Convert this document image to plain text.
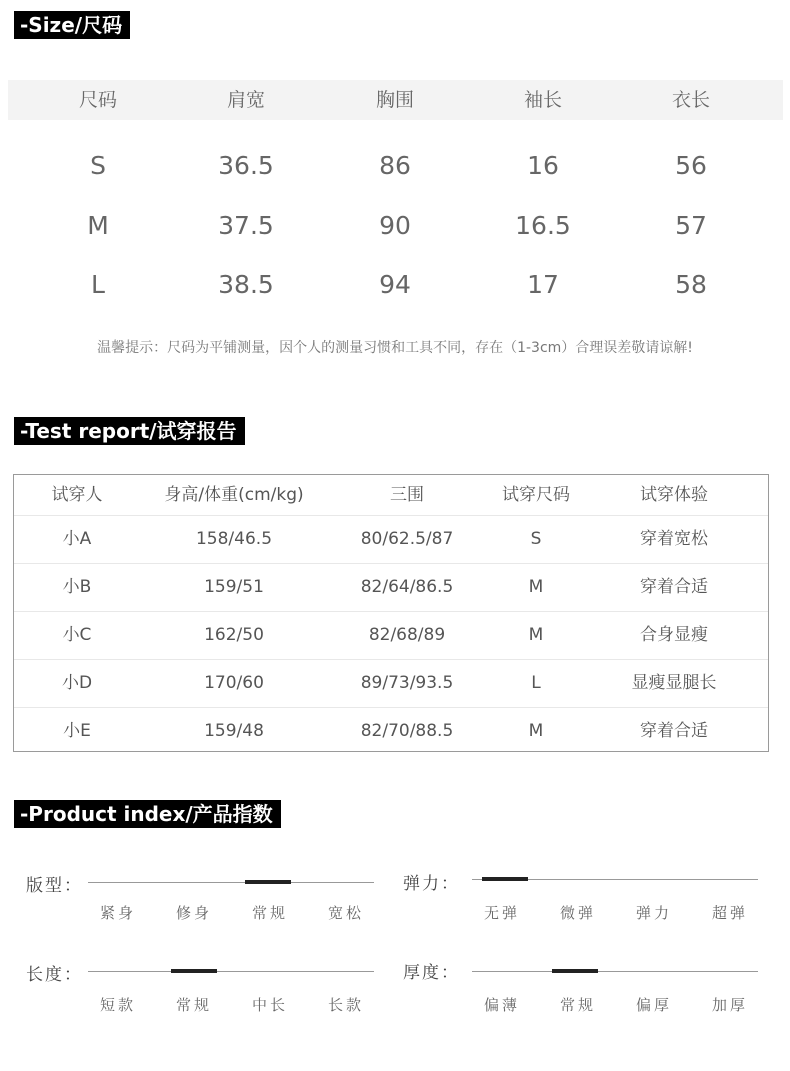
-Size/尺码
尺码	肩宽	胸围	袖长	衣长
S	36.5	86	16	56
M	37.5	90	16.5	57
L	38.5	94	17	58
温馨提示：尺码为平铺测量，因个人的测量习惯和工具不同，存在（1-3cm）合理误差敬请谅解!
-Test report/试穿报告
试穿人	身高/体重(cm/kg)	三围	试穿尺码	试穿体验
小A	158/46.5	80/62.5/87	S	穿着宽松
小B	159/51	82/64/86.5	M	穿着合适
小C	162/50	82/68/89	M	合身显瘦
小D	170/60	89/73/93.5	L	显瘦显腿长
小E	159/48	82/70/88.5	M	穿着合适
-Product index/产品指数
版型：
紧身	修身	常规	宽松
弹力：
无弹	微弹	弹力	超弹
长度：
短款	常规	中长	长款
厚度：
偏薄	常规	偏厚	加厚
